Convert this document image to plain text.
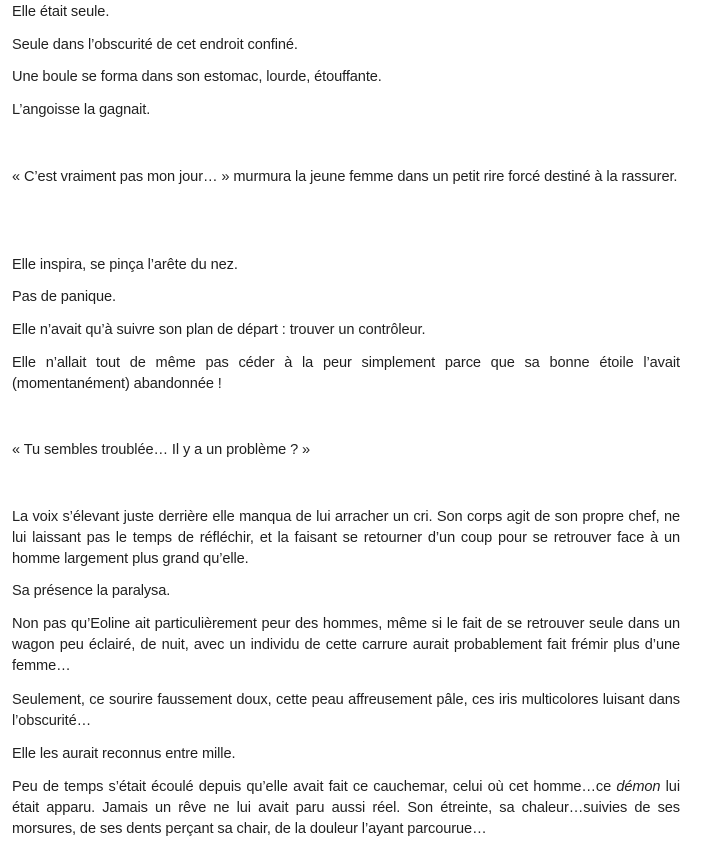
Elle était seule.

Seule dans l’obscurité de cet endroit confiné.

Une boule se forma dans son estomac, lourde, étouffante.

L’angoisse la gagnait.

« C’est vraiment pas mon jour… » murmura la jeune femme dans un petit rire forcé destiné à la rassurer.

Elle inspira, se pinça l’arête du nez.

Pas de panique.

Elle n’avait qu’à suivre son plan de départ : trouver un contrôleur.

Elle n’allait tout de même pas céder à la peur simplement parce que sa bonne étoile l’avait (momentanément) abandonnée !

« Tu sembles troublée… Il y a un problème ? »

La voix s’élevant juste derrière elle manqua de lui arracher un cri. Son corps agit de son propre chef, ne lui laissant pas le temps de réfléchir, et la faisant se retourner d’un coup pour se retrouver face à un homme largement plus grand qu’elle.

Sa présence la paralysa.

Non pas qu’Eoline ait particulièrement peur des hommes, même si le fait de se retrouver seule dans un wagon peu éclairé, de nuit, avec un individu de cette carrure aurait probablement fait frémir plus d’une femme…

Seulement, ce sourire faussement doux, cette peau affreusement pâle, ces iris multicolores luisant dans l’obscurité…

Elle les aurait reconnus entre mille.

Peu de temps s’était écoulé depuis qu’elle avait fait ce cauchemar, celui où cet homme…ce démon lui était apparu. Jamais un rêve ne lui avait paru aussi réel. Son étreinte, sa chaleur…suivies de ses morsures, de ses dents perçant sa chair, de la douleur l’ayant parcourue…
